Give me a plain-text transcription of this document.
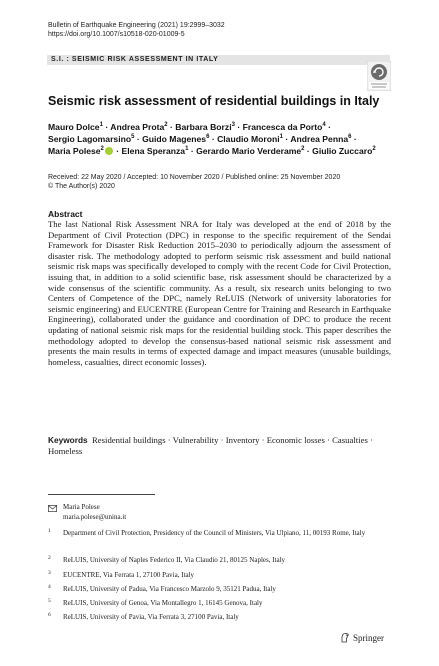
Bulletin of Earthquake Engineering (2021) 19:2999–3032
https://doi.org/10.1007/s10518-020-01009-5
S.I. : SEISMIC RISK ASSESSMENT IN ITALY
Seismic risk assessment of residential buildings in Italy
Mauro Dolce$^1$ · Andrea Prota$^2$ · Barbara Borzi$^3$ · Francesca da Porto$^4$ ·
Sergio Lagomarsino$^5$ · Guido Magenes$^6$ · Claudio Moroni$^1$ · Andrea Penna$^6$ ·
Maria Polese$^2$ · Elena Speranza$^1$ · Gerardo Mario Verderame$^2$ · Giulio Zuccaro$^2$
Received: 22 May 2020 / Accepted: 10 November 2020 / Published online: 25 November 2020
© The Author(s) 2020
Abstract
The last National Risk Assessment NRA for Italy was developed at the end of 2018 by the Department of Civil Protection (DPC) in response to the specific requirement of the Sendai Framework for Disaster Risk Reduction 2015–2030 to periodically adjourn the assessment of disaster risk. The methodology adopted to perform seismic risk assessment and build national seismic risk maps was specifically developed to comply with the recent Code for Civil Protection, issuing that, in addition to a solid scientific base, risk assessment should be characterized by a wide consensus of the scientific community. As a result, six research units belonging to two Centers of Competence of the DPC, namely ReLUIS (Network of university laboratories for seismic engineering) and EUCENTRE (European Centre for Training and Research in Earthquake Engineering), collaborated under the guidance and coordination of DPC to produce the recent updating of national seismic risk maps for the residential building stock. This paper describes the methodology adopted to develop the consensus-based national seismic risk assessment and presents the main results in terms of expected damage and impact measures (unusable buildings, homeless, casualties, direct economic losses).
Keywords Residential buildings · Vulnerability · Inventory · Economic losses · Casualties · Homeless
Maria Polese
maria.polese@unina.it
1 Department of Civil Protection, Presidency of the Council of Ministers, Via Ulpiano, 11, 00193 Rome, Italy
2 ReLUIS, University of Naples Federico II, Via Claudio 21, 80125 Naples, Italy
3 EUCENTRE, Via Ferrata 1, 27100 Pavia, Italy
4 ReLUIS, University of Padua, Via Francesco Marzolo 9, 35121 Padua, Italy
5 ReLUIS, University of Genoa, Via Montallegro 1, 16145 Genova, Italy
6 ReLUIS, University of Pavia, Via Ferrata 3, 27100 Pavia, Italy
Springer
